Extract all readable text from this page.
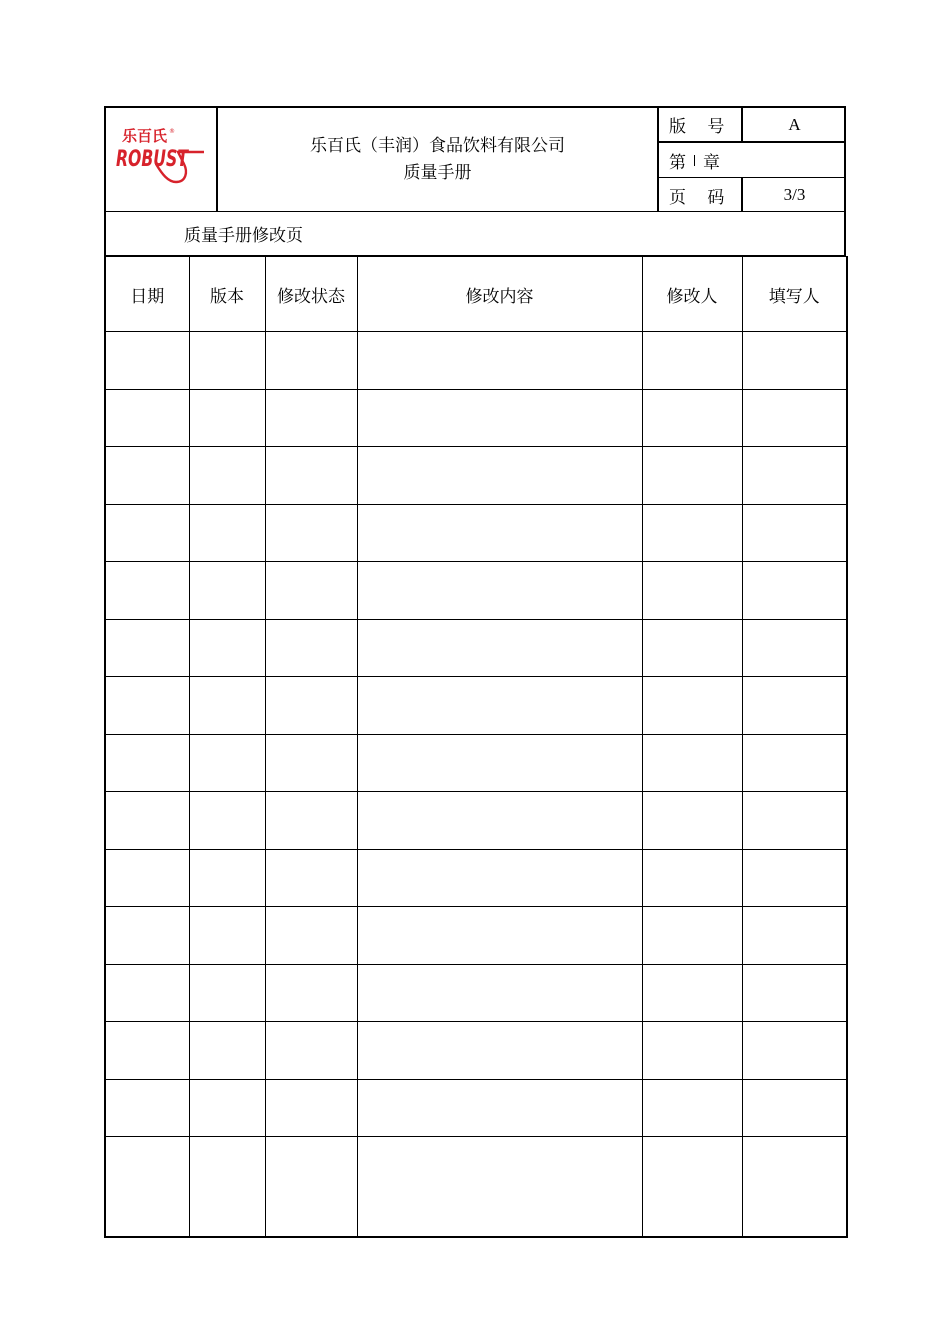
乐百氏 ®
ROBUST
乐百氏（丰润）食品饮料有限公司
质量手册
版 号	A
第 章
页 码	3/3
质量手册修改页
日期	版本	修改状态	修改内容	修改人	填写人
